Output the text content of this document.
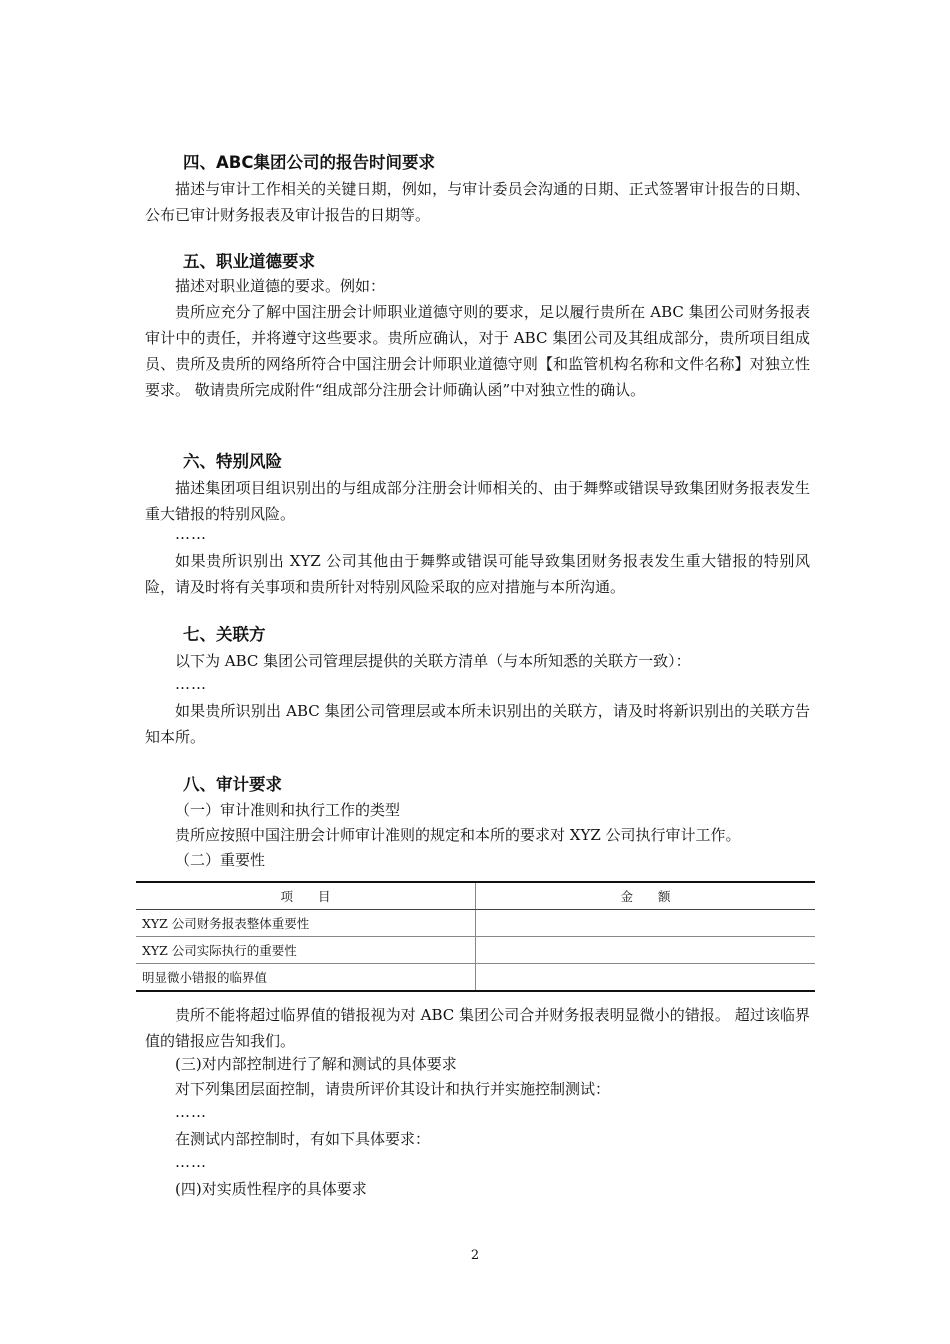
四、ABC集团公司的报告时间要求

描述与审计工作相关的关键日期，例如，与审计委员会沟通的日期、正式签署审计报告的日期、公布已审计财务报表及审计报告的日期等。

五、职业道德要求
描述对职业道德的要求。例如：

贵所应充分了解中国注册会计师职业道德守则的要求，足以履行贵所在 ABC 集团公司财务报表审计中的责任，并将遵守这些要求。贵所应确认，对于 ABC 集团公司及其组成部分，贵所项目组成员、贵所及贵所的网络所符合中国注册会计师职业道德守则【和监管机构名称和文件名称】对独立性要求。 敬请贵所完成附件“组成部分注册会计师确认函”中对独立性的确认。

六、特别风险

描述集团项目组识别出的与组成部分注册会计师相关的、由于舞弊或错误导致集团财务报表发生重大错报的特别风险。

……

如果贵所识别出 XYZ 公司其他由于舞弊或错误可能导致集团财务报表发生重大错报的特别风险，请及时将有关事项和贵所针对特别风险采取的应对措施与本所沟通。

七、关联方
以下为 ABC 集团公司管理层提供的关联方清单（与本所知悉的关联方一致）：
……

如果贵所识别出 ABC 集团公司管理层或本所未识别出的关联方，请及时将新识别出的关联方告知本所。

八、审计要求
（一）审计准则和执行工作的类型
贵所应按照中国注册会计师审计准则的规定和本所的要求对 XYZ 公司执行审计工作。
（二）重要性
项　　目	金　　额
XYZ 公司财务报表整体重要性	
XYZ 公司实际执行的重要性	
明显微小错报的临界值	

贵所不能将超过临界值的错报视为对 ABC 集团公司合并财务报表明显微小的错报。 超过该临界值的错报应告知我们。

(三)对内部控制进行了解和测试的具体要求
对下列集团层面控制，请贵所评价其设计和执行并实施控制测试：
……
在测试内部控制时，有如下具体要求：
……
(四)对实质性程序的具体要求
2
